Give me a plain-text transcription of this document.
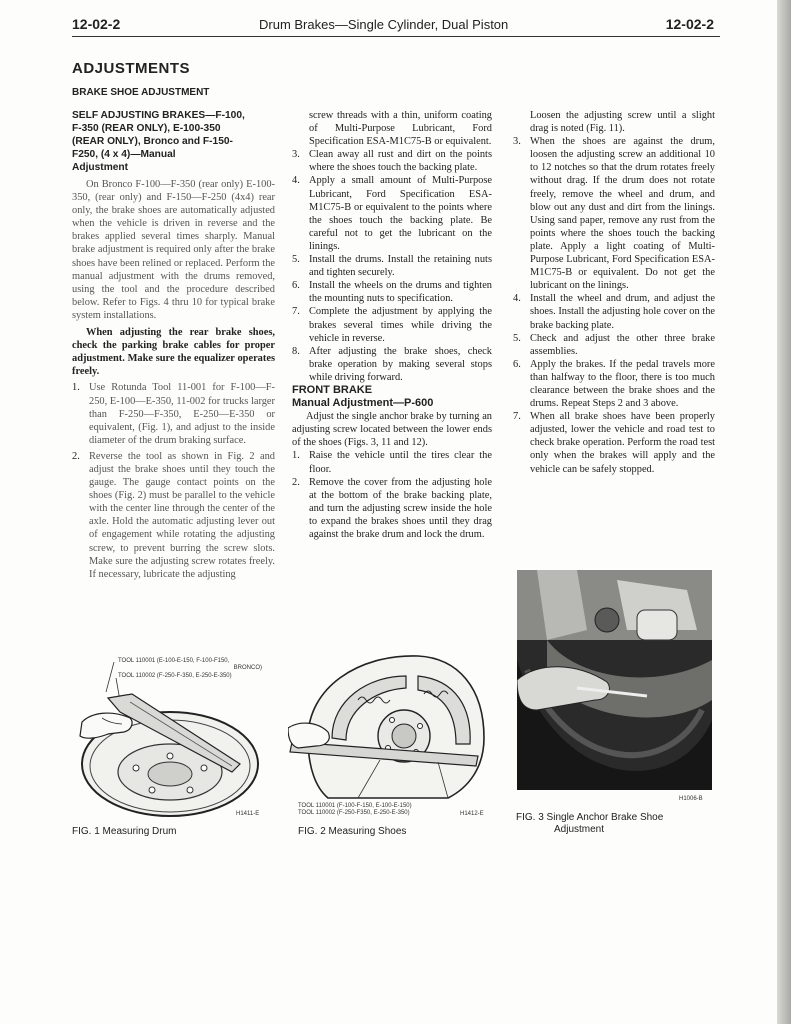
12-02-2	Drum Brakes—Single Cylinder, Dual Piston	12-02-2
ADJUSTMENTS
BRAKE SHOE ADJUSTMENT

SELF ADJUSTING BRAKES—F-100,

F-350 (REAR ONLY), E-100-350

(REAR ONLY), Bronco and F-150-

F250, (4 x 4)—Manual

Adjustment

On Bronco F-100—F-350 (rear only) E-100-350, (rear only) and F-150—F-250 (4x4) rear only, the brake shoes are automatically adjusted when the vehicle is driven in reverse and the brakes applied several times sharply. Manual brake adjustment is required only after the brake shoes have been relined or replaced. Perform the manual adjustment with the drums removed, using the tool and the procedure described below. Refer to Figs. 4 thru 10 for typical brake system installations.

When adjusting the rear brake shoes, check the parking brake cables for proper adjustment. Make sure the equalizer operates freely.

1. Use Rotunda Tool 11-001 for F-100—F-250, E-100—E-350, 11-002 for trucks larger than F-250—F-350, E-250—E-350 or equivalent, (Fig. 1), and adjust to the inside diameter of the drum braking surface.
2. Reverse the tool as shown in Fig. 2 and adjust the brake shoes until they touch the gauge. The gauge contact points on the shoes (Fig. 2) must be parallel to the vehicle with the center line through the center of the axle. Hold the automatic adjusting lever out of engagement while rotating the adjusting screw, to prevent burring the screw slots. Make sure the adjusting screw rotates freely. If necessary, lubricate the adjusting

screw threads with a thin, uniform coating of Multi-Purpose Lubricant, Ford Specification ESA-M1C75-B or equivalent.

3. Clean away all rust and dirt on the points where the shoes touch the backing plate.
4. Apply a small amount of Multi-Purpose Lubricant, Ford Specification ESA-M1C75-B or equivalent to the points where the shoes touch the backing plate. Be careful not to get the lubricant on the linings.
5. Install the drums. Install the retaining nuts and tighten securely.
6. Install the wheels on the drums and tighten the mounting nuts to specification.
7. Complete the adjustment by applying the brakes several times while driving the vehicle in reverse.
8. After adjusting the brake shoes, check brake operation by making several stops while driving forward.

FRONT BRAKE

Manual Adjustment—P-600

Adjust the single anchor brake by turning an adjusting screw located between the lower ends of the shoes (Figs. 3, 11 and 12).

1. Raise the vehicle until the tires clear the floor.
2. Remove the cover from the adjusting hole at the bottom of the brake backing plate, and turn the adjusting screw inside the hole to expand the brakes shoes until they drag against the brake drum and lock the drum.

Loosen the adjusting screw until a slight drag is noted (Fig. 11).

3. When the shoes are against the drum, loosen the adjusting screw an additional 10 to 12 notches so that the drum rotates freely without drag. If the drum does not rotate freely, remove the wheel and drum, and blow out any dust and dirt from the linings. Using sand paper, remove any rust from the points where the shoes touch the backing plate. Apply a light coating of Multi-Purpose Lubricant, Ford Specification ESA-M1C75-B or equivalent. Do not get the lubricant on the linings.
4. Install the wheel and drum, and adjust the shoes. Install the adjusting hole cover on the brake backing plate.
5. Check and adjust the other three brake assemblies.
6. Apply the brakes. If the pedal travels more than halfway to the floor, there is too much clearance between the brake shoes and the drums. Repeat Steps 2 and 3 above.
7. When all brake shoes have been properly adjusted, lower the vehicle and road test to check brake operation. Perform the road test only when the brakes will apply and the vehicle can be safely stopped.
TOOL 110001 (E-100-E-150, F-100-F150,
BRONCO)
TOOL 110002 (F-250-F-350, E-250-E-350)
H1411-E
FIG. 1 Measuring Drum
TOOL 110001 (F-100-F-150, E-100-E-150)
TOOL 110002 (F-250-F350, E-250-E-350)	H1412-E
FIG. 2 Measuring Shoes
H1006-B
FIG. 3 Single Anchor Brake Shoe
Adjustment
